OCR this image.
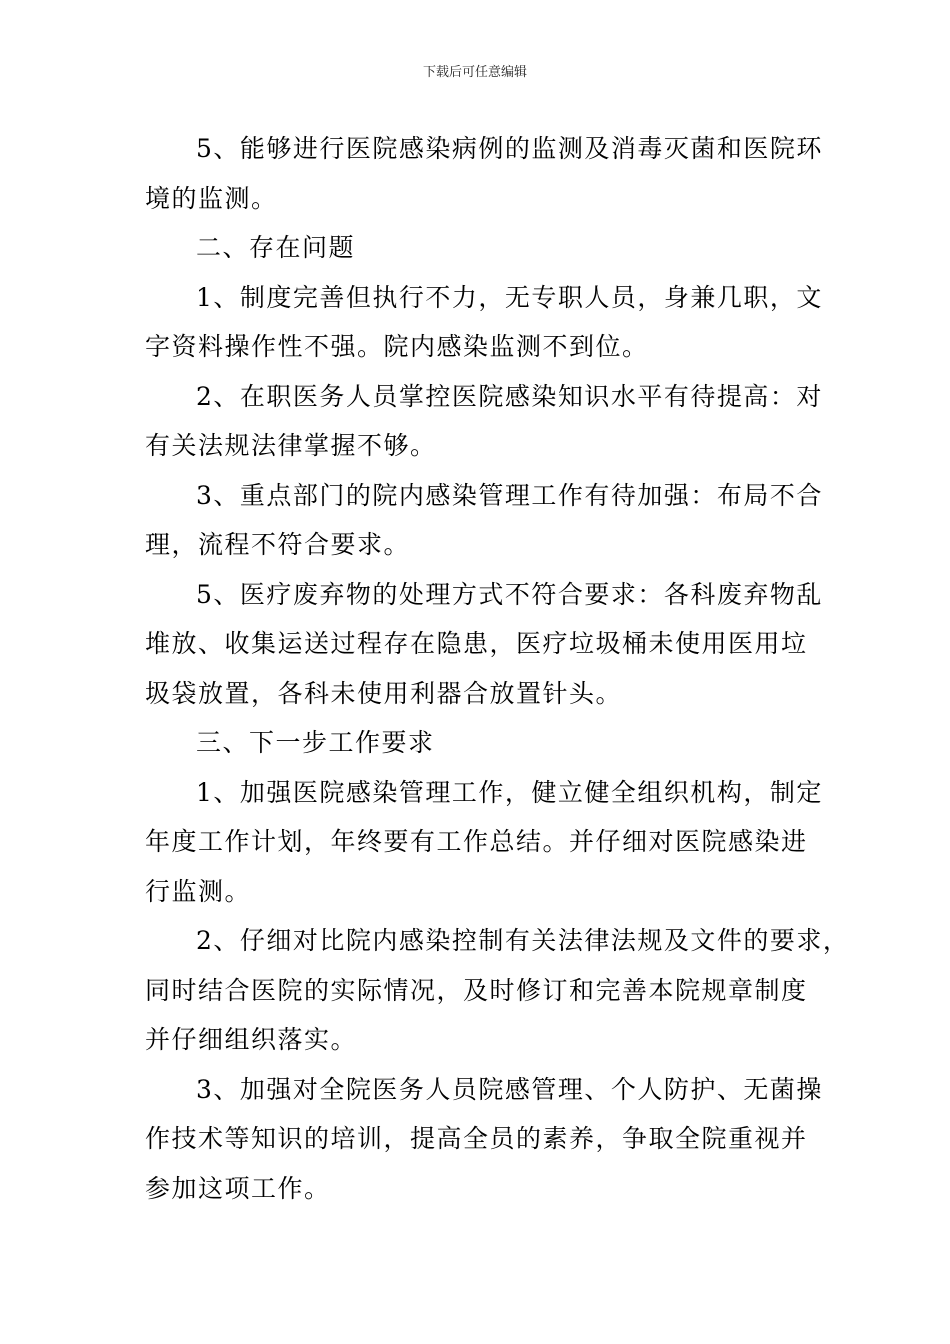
下载后可任意编辑

5、能够进行医院感染病例的监测及消毒灭菌和医院环
境的监测。

二、存在问题

1、制度完善但执行不力，无专职人员，身兼几职，文
字资料操作性不强。院内感染监测不到位。

2、在职医务人员掌控医院感染知识水平有待提高：对
有关法规法律掌握不够。

3、重点部门的院内感染管理工作有待加强：布局不合
理，流程不符合要求。

5、医疗废弃物的处理方式不符合要求：各科废弃物乱
堆放、收集运送过程存在隐患，医疗垃圾桶未使用医用垃
圾袋放置，各科未使用利器合放置针头。

三、下一步工作要求

1、加强医院感染管理工作，健立健全组织机构，制定
年度工作计划，年终要有工作总结。并仔细对医院感染进
行监测。

2、仔细对比院内感染控制有关法律法规及文件的要求，
同时结合医院的实际情况，及时修订和完善本院规章制度
并仔细组织落实。

3、加强对全院医务人员院感管理、个人防护、无菌操
作技术等知识的培训，提高全员的素养，争取全院重视并
参加这项工作。
